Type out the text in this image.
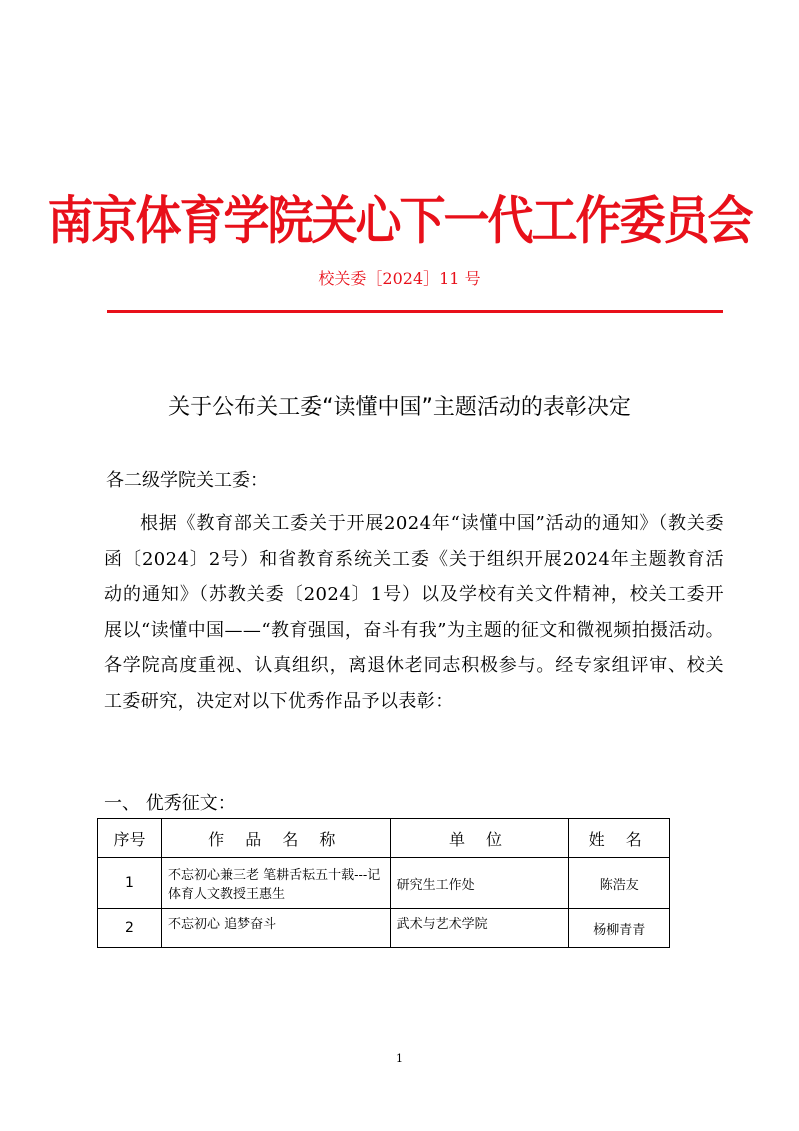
南京体育学院关心下一代工作委员会
校关委［2024］11 号
关于公布关工委“读懂中国”主题活动的表彰决定
各二级学院关工委：
根据《教育部关工委关于开展2024年“读懂中国”活动的通知》（教关委函〔2024〕2号）和省教育系统关工委《关于组织开展2024年主题教育活动的通知》（苏教关委〔2024〕1号）以及学校有关文件精神，校关工委开展以“读懂中国——“教育强国，奋斗有我”为主题的征文和微视频拍摄活动。各学院高度重视、认真组织，离退休老同志积极参与。经专家组评审、校关工委研究，决定对以下优秀作品予以表彰：
一、 优秀征文：
序号	作 品 名 称	单 位	姓 名
1	不忘初心兼三老 笔耕舌耘五十载---记体育人文教授王惠生	研究生工作处	陈浩友
2	不忘初心 追梦奋斗	武术与艺术学院	杨柳青青
1
